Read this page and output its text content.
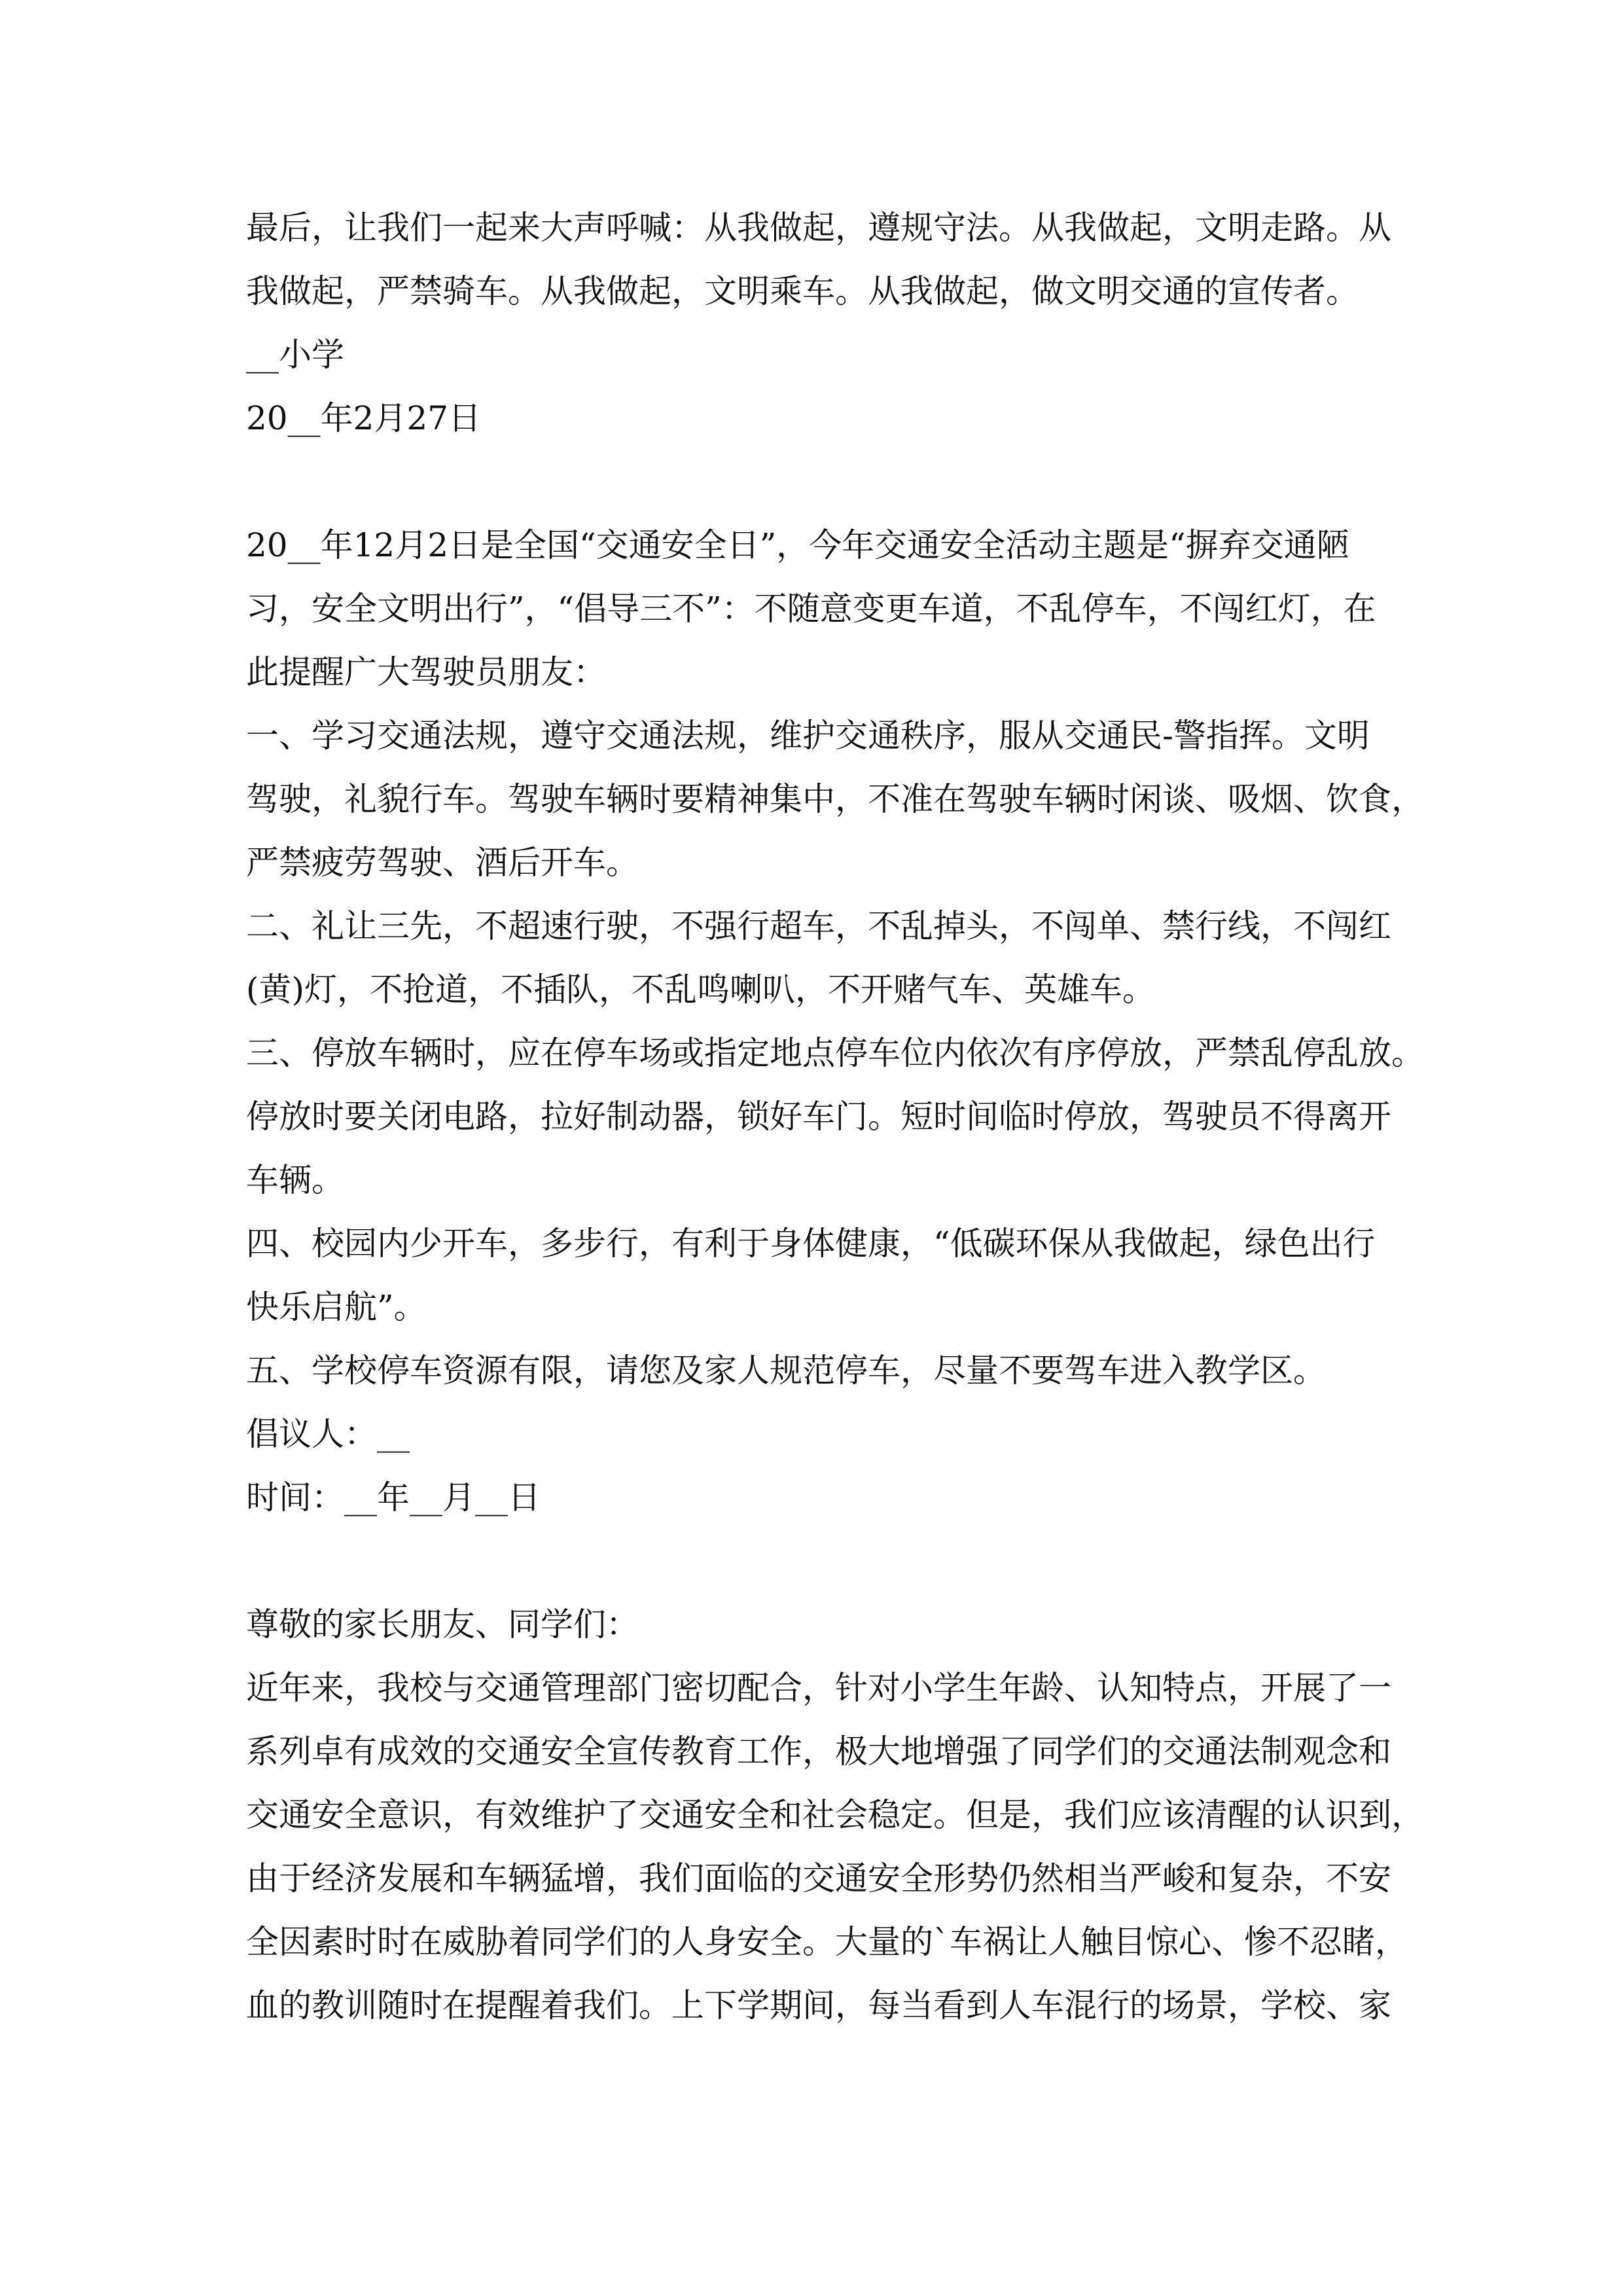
最后，让我们一起来大声呼喊：从我做起，遵规守法。从我做起，文明走路。从

我做起，严禁骑车。从我做起，文明乘车。从我做起，做文明交通的宣传者。

__小学

20__年2月27日

20__年12月2日是全国“交通安全日”，今年交通安全活动主题是“摒弃交通陋

习，安全文明出行”，“倡导三不”：不随意变更车道，不乱停车，不闯红灯，在

此提醒广大驾驶员朋友：

一、学习交通法规，遵守交通法规，维护交通秩序，服从交通民-警指挥。文明

驾驶，礼貌行车。驾驶车辆时要精神集中，不准在驾驶车辆时闲谈、吸烟、饮食，

严禁疲劳驾驶、酒后开车。

二、礼让三先，不超速行驶，不强行超车，不乱掉头，不闯单、禁行线，不闯红

(黄)灯，不抢道，不插队，不乱鸣喇叭，不开赌气车、英雄车。

三、停放车辆时，应在停车场或指定地点停车位内依次有序停放，严禁乱停乱放。

停放时要关闭电路，拉好制动器，锁好车门。短时间临时停放，驾驶员不得离开

车辆。

四、校园内少开车，多步行，有利于身体健康，“低碳环保从我做起，绿色出行

快乐启航”。

五、学校停车资源有限，请您及家人规范停车，尽量不要驾车进入教学区。

倡议人：__

时间：__年__月__日

尊敬的家长朋友、同学们：

近年来，我校与交通管理部门密切配合，针对小学生年龄、认知特点，开展了一

系列卓有成效的交通安全宣传教育工作，极大地增强了同学们的交通法制观念和

交通安全意识，有效维护了交通安全和社会稳定。但是，我们应该清醒的认识到，

由于经济发展和车辆猛增，我们面临的交通安全形势仍然相当严峻和复杂，不安

全因素时时在威胁着同学们的人身安全。大量的`车祸让人触目惊心、惨不忍睹，

血的教训随时在提醒着我们。上下学期间，每当看到人车混行的场景，学校、家
